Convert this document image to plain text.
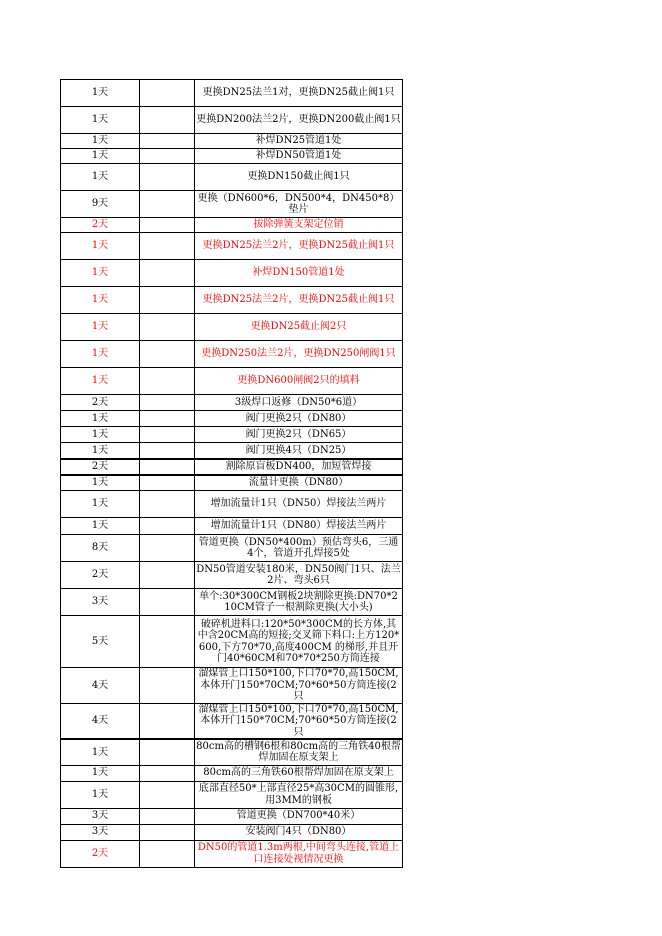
1天		更换DN25法兰1对，更换DN25截止阀1只
1天		更换DN200法兰2片，更换DN200截止阀1只
1天		补焊DN25管道1处
1天		补焊DN50管道1处
1天		更换DN150截止阀1只
9天		更换（DN600*6，DN500*4，DN450*8）垫片
2天		拔除弹簧支架定位销
1天		更换DN25法兰2片，更换DN25截止阀1只
1天		补焊DN150管道1处
1天		更换DN25法兰2片，更换DN25截止阀1只
1天		更换DN25截止阀2只
1天		更换DN250法兰2片，更换DN250闸阀1只
1天		更换DN600闸阀2只的填料
2天		3级焊口返修（DN50*6道）
1天		阀门更换2只（DN80）
1天		阀门更换2只（DN65）
1天		阀门更换4只（DN25）
2天		割除原盲板DN400，加短管焊接
1天		流量计更换（DN80）
1天		增加流量计1只（DN50）焊接法兰两片
1天		增加流量计1只（DN80）焊接法兰两片
8天		管道更换（DN50*400m）预估弯头6，三通4个，管道开孔焊接5处
2天		DN50管道安装180米，DN50阀门1只、法兰2片、弯头6只
3天		单个:30*300CM钢板2块割除更换:DN70*210CM管子一根割除更换(大小头)
5天		破碎机进料口:120*50*300CM的长方体,其中含20CM高的短接;交叉筛下料口:上方120*600,下方70*70,高度400CM 的梯形,并且开门40*60CM和70*70*250方筒连接
4天		溜煤管上口150*100,下口70*70,高150CM,本体开门150*70CM;70*60*50方筒连接(2只
4天		溜煤管上口150*100,下口70*70,高150CM,本体开门150*70CM;70*60*50方筒连接(2只
1天		80cm高的槽钢6根和80cm高的三角铁40根帮焊加固在原支架上
1天		80cm高的三角铁60根帮焊加固在原支架上
1天		底部直径50*上部直径25*高30CM的圆锥形,用3MM的钢板
3天		管道更换（DN700*40米）
3天		安装阀门4只（DN80）
2天		DN50的管道1.3m两根,中间弯头连接,管道上口连接处视情况更换
